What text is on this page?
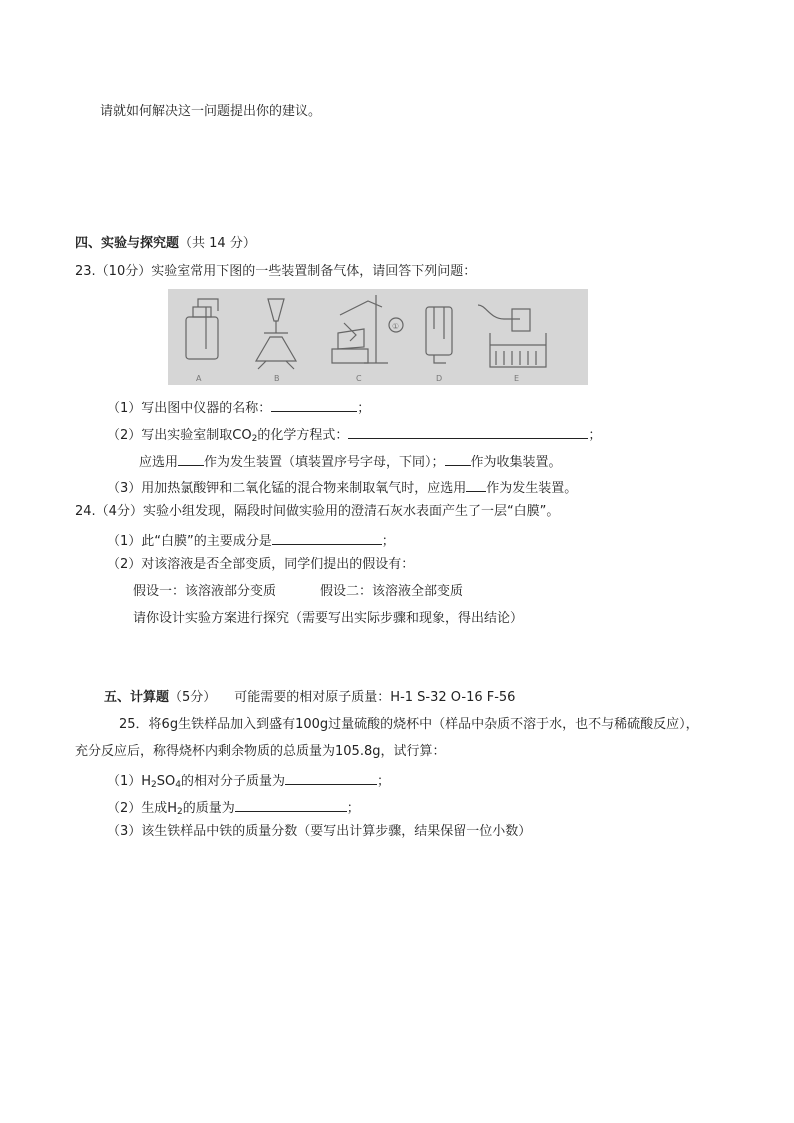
请就如何解决这一问题提出你的建议。
四、实验与探究题（共 14 分）
23.（10分）实验室常用下图的一些装置制备气体，请回答下列问题：
A	B	C	D	E
①
（1）写出图中仪器的名称：	；
（2）写出实验室制取$CO_2$的化学方程式：	；
应选用 作为发生装置（填装置序号字母，下同）； 作为收集装置。
（3）用加热氯酸钾和二氧化锰的混合物来制取氧气时，应选用 作为发生装置。
24.（4分）实验小组发现，隔段时间做实验用的澄清石灰水表面产生了一层“白膜”。
（1）此“白膜”的主要成分是	；
（2）对该溶液是否全部变质，同学们提出的假设有：
假设一：该溶液部分变质	假设二：该溶液全部变质
请你设计实验方案进行探究（需要写出实际步骤和现象，得出结论）
五、计算题（5分） 可能需要的相对原子质量：H-1 S-32 O-16 F-56
25．将6g生铁样品加入到盛有100g过量硫酸的烧杯中（样品中杂质不溶于水，也不与稀硫酸反应），
充分反应后，称得烧杯内剩余物质的总质量为105.8g，试行算：
$(1)H_2SO_4$的相对分子质量为	；
（2）生成$H_2$的质量为	；
（3）该生铁样品中铁的质量分数（要写出计算步骤，结果保留一位小数）
